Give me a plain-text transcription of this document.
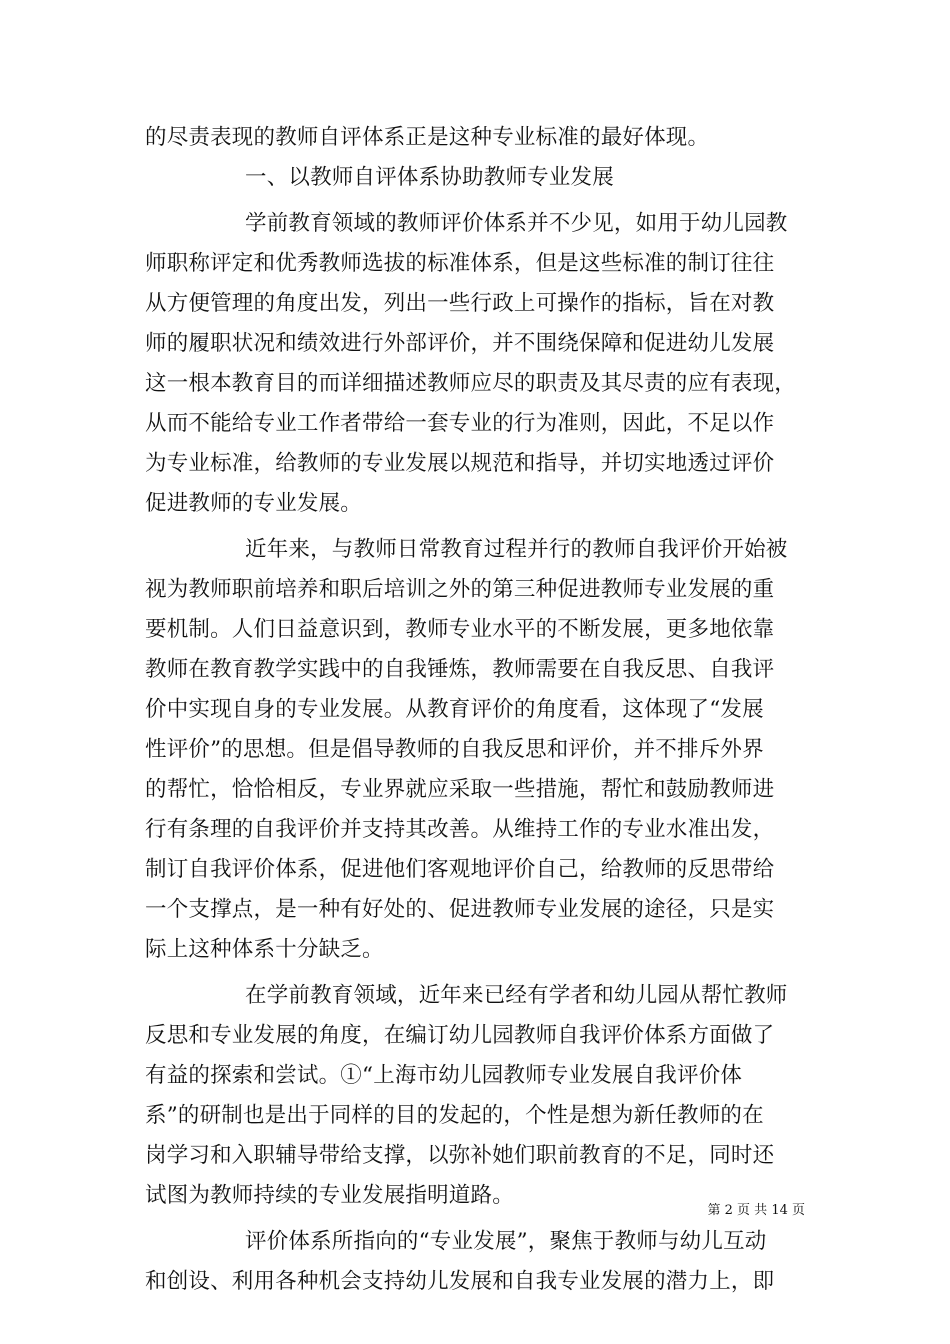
的尽责表现的教师自评体系正是这种专业标准的最好体现。
一、以教师自评体系协助教师专业发展
学前教育领域的教师评价体系并不少见，如用于幼儿园教
师职称评定和优秀教师选拔的标准体系，但是这些标准的制订往往
从方便管理的角度出发，列出一些行政上可操作的指标，旨在对教
师的履职状况和绩效进行外部评价，并不围绕保障和促进幼儿发展
这一根本教育目的而详细描述教师应尽的职责及其尽责的应有表现，
从而不能给专业工作者带给一套专业的行为准则，因此，不足以作
为专业标准，给教师的专业发展以规范和指导，并切实地透过评价
促进教师的专业发展。
近年来，与教师日常教育过程并行的教师自我评价开始被
视为教师职前培养和职后培训之外的第三种促进教师专业发展的重
要机制。人们日益意识到，教师专业水平的不断发展，更多地依靠
教师在教育教学实践中的自我锤炼，教师需要在自我反思、自我评
价中实现自身的专业发展。从教育评价的角度看，这体现了“发展
性评价”的思想。但是倡导教师的自我反思和评价，并不排斥外界
的帮忙，恰恰相反，专业界就应采取一些措施，帮忙和鼓励教师进
行有条理的自我评价并支持其改善。从维持工作的专业水准出发，
制订自我评价体系，促进他们客观地评价自己，给教师的反思带给
一个支撑点，是一种有好处的、促进教师专业发展的途径，只是实
际上这种体系十分缺乏。
在学前教育领域，近年来已经有学者和幼儿园从帮忙教师
反思和专业发展的角度，在编订幼儿园教师自我评价体系方面做了
有益的探索和尝试。①“上海市幼儿园教师专业发展自我评价体
系”的研制也是出于同样的目的发起的，个性是想为新任教师的在
岗学习和入职辅导带给支撑，以弥补她们职前教育的不足，同时还
试图为教师持续的专业发展指明道路。
评价体系所指向的“专业发展”，聚焦于教师与幼儿互动
和创设、利用各种机会支持幼儿发展和自我专业发展的潜力上，即
第 2 页 共 14 页
